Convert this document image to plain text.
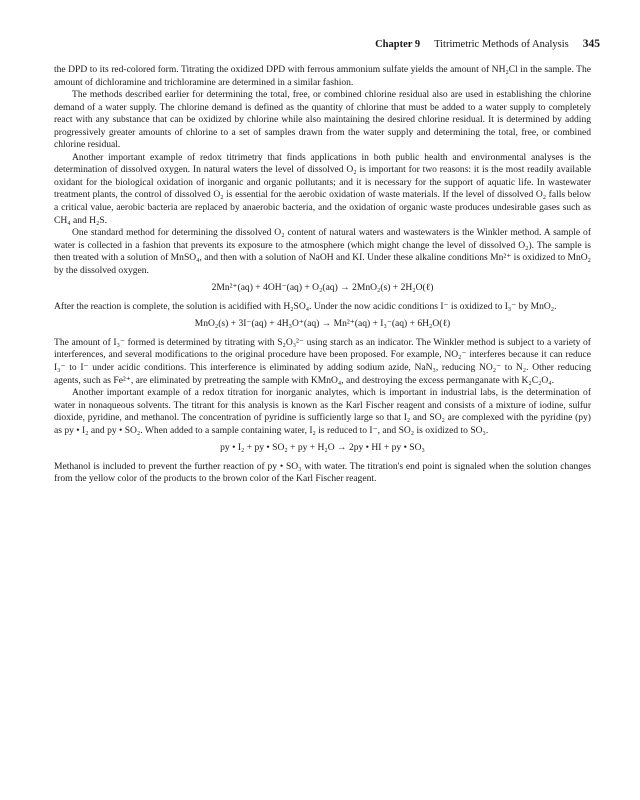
Chapter 9 Titrimetric Methods of Analysis 345

the DPD to its red-colored form. Titrating the oxidized DPD with ferrous ammonium sulfate yields the amount of NH₂Cl in the sample. The amount of dichloramine and trichloramine are determined in a similar fashion.

The methods described earlier for determining the total, free, or combined chlorine residual also are used in establishing the chlorine demand of a water supply. The chlorine demand is defined as the quantity of chlorine that must be added to a water supply to completely react with any substance that can be oxidized by chlorine while also maintaining the desired chlorine residual. It is determined by adding progressively greater amounts of chlorine to a set of samples drawn from the water supply and determining the total, free, or combined chlorine residual.

Another important example of redox titrimetry that finds applications in both public health and environmental analyses is the determination of dissolved oxygen. In natural waters the level of dissolved O₂ is important for two reasons: it is the most readily available oxidant for the biological oxidation of inorganic and organic pollutants; and it is necessary for the support of aquatic life. In wastewater treatment plants, the control of dissolved O₂ is essential for the aerobic oxidation of waste materials. If the level of dissolved O₂ falls below a critical value, aerobic bacteria are replaced by anaerobic bacteria, and the oxidation of organic waste produces undesirable gases such as CH₄ and H₂S.

One standard method for determining the dissolved O₂ content of natural waters and wastewaters is the Winkler method. A sample of water is collected in a fashion that prevents its exposure to the atmosphere (which might change the level of dissolved O₂). The sample is then treated with a solution of MnSO₄, and then with a solution of NaOH and KI. Under these alkaline conditions Mn²⁺ is oxidized to MnO₂ by the dissolved oxygen.

2Mn²⁺(aq) + 4OH⁻(aq) + O₂(aq) → 2MnO₂(s) + 2H₂O(ℓ)

After the reaction is complete, the solution is acidified with H₂SO₄. Under the now acidic conditions I⁻ is oxidized to I₃⁻ by MnO₂.

MnO₂(s) + 3I⁻(aq) + 4H₃O⁺(aq) → Mn²⁺(aq) + I₃⁻(aq) + 6H₂O(ℓ)

The amount of I₃⁻ formed is determined by titrating with S₂O₃²⁻ using starch as an indicator. The Winkler method is subject to a variety of interferences, and several modifications to the original procedure have been proposed. For example, NO₂⁻ interferes because it can reduce I₃⁻ to I⁻ under acidic conditions. This interference is eliminated by adding sodium azide, NaN₃, reducing NO₂⁻ to N₂. Other reducing agents, such as Fe²⁺, are eliminated by pretreating the sample with KMnO₄, and destroying the excess permanganate with K₂C₂O₄.

Another important example of a redox titration for inorganic analytes, which is important in industrial labs, is the determination of water in nonaqueous solvents. The titrant for this analysis is known as the Karl Fischer reagent and consists of a mixture of iodine, sulfur dioxide, pyridine, and methanol. The concentration of pyridine is sufficiently large so that I₂ and SO₂ are complexed with the pyridine (py) as py • I₂ and py • SO₂. When added to a sample containing water, I₂ is reduced to I⁻, and SO₂ is oxidized to SO₃.

py • I₂ + py • SO₂ + py + H₂O → 2py • HI + py • SO₃

Methanol is included to prevent the further reaction of py • SO₃ with water. The titration's end point is signaled when the solution changes from the yellow color of the products to the brown color of the Karl Fischer reagent.
